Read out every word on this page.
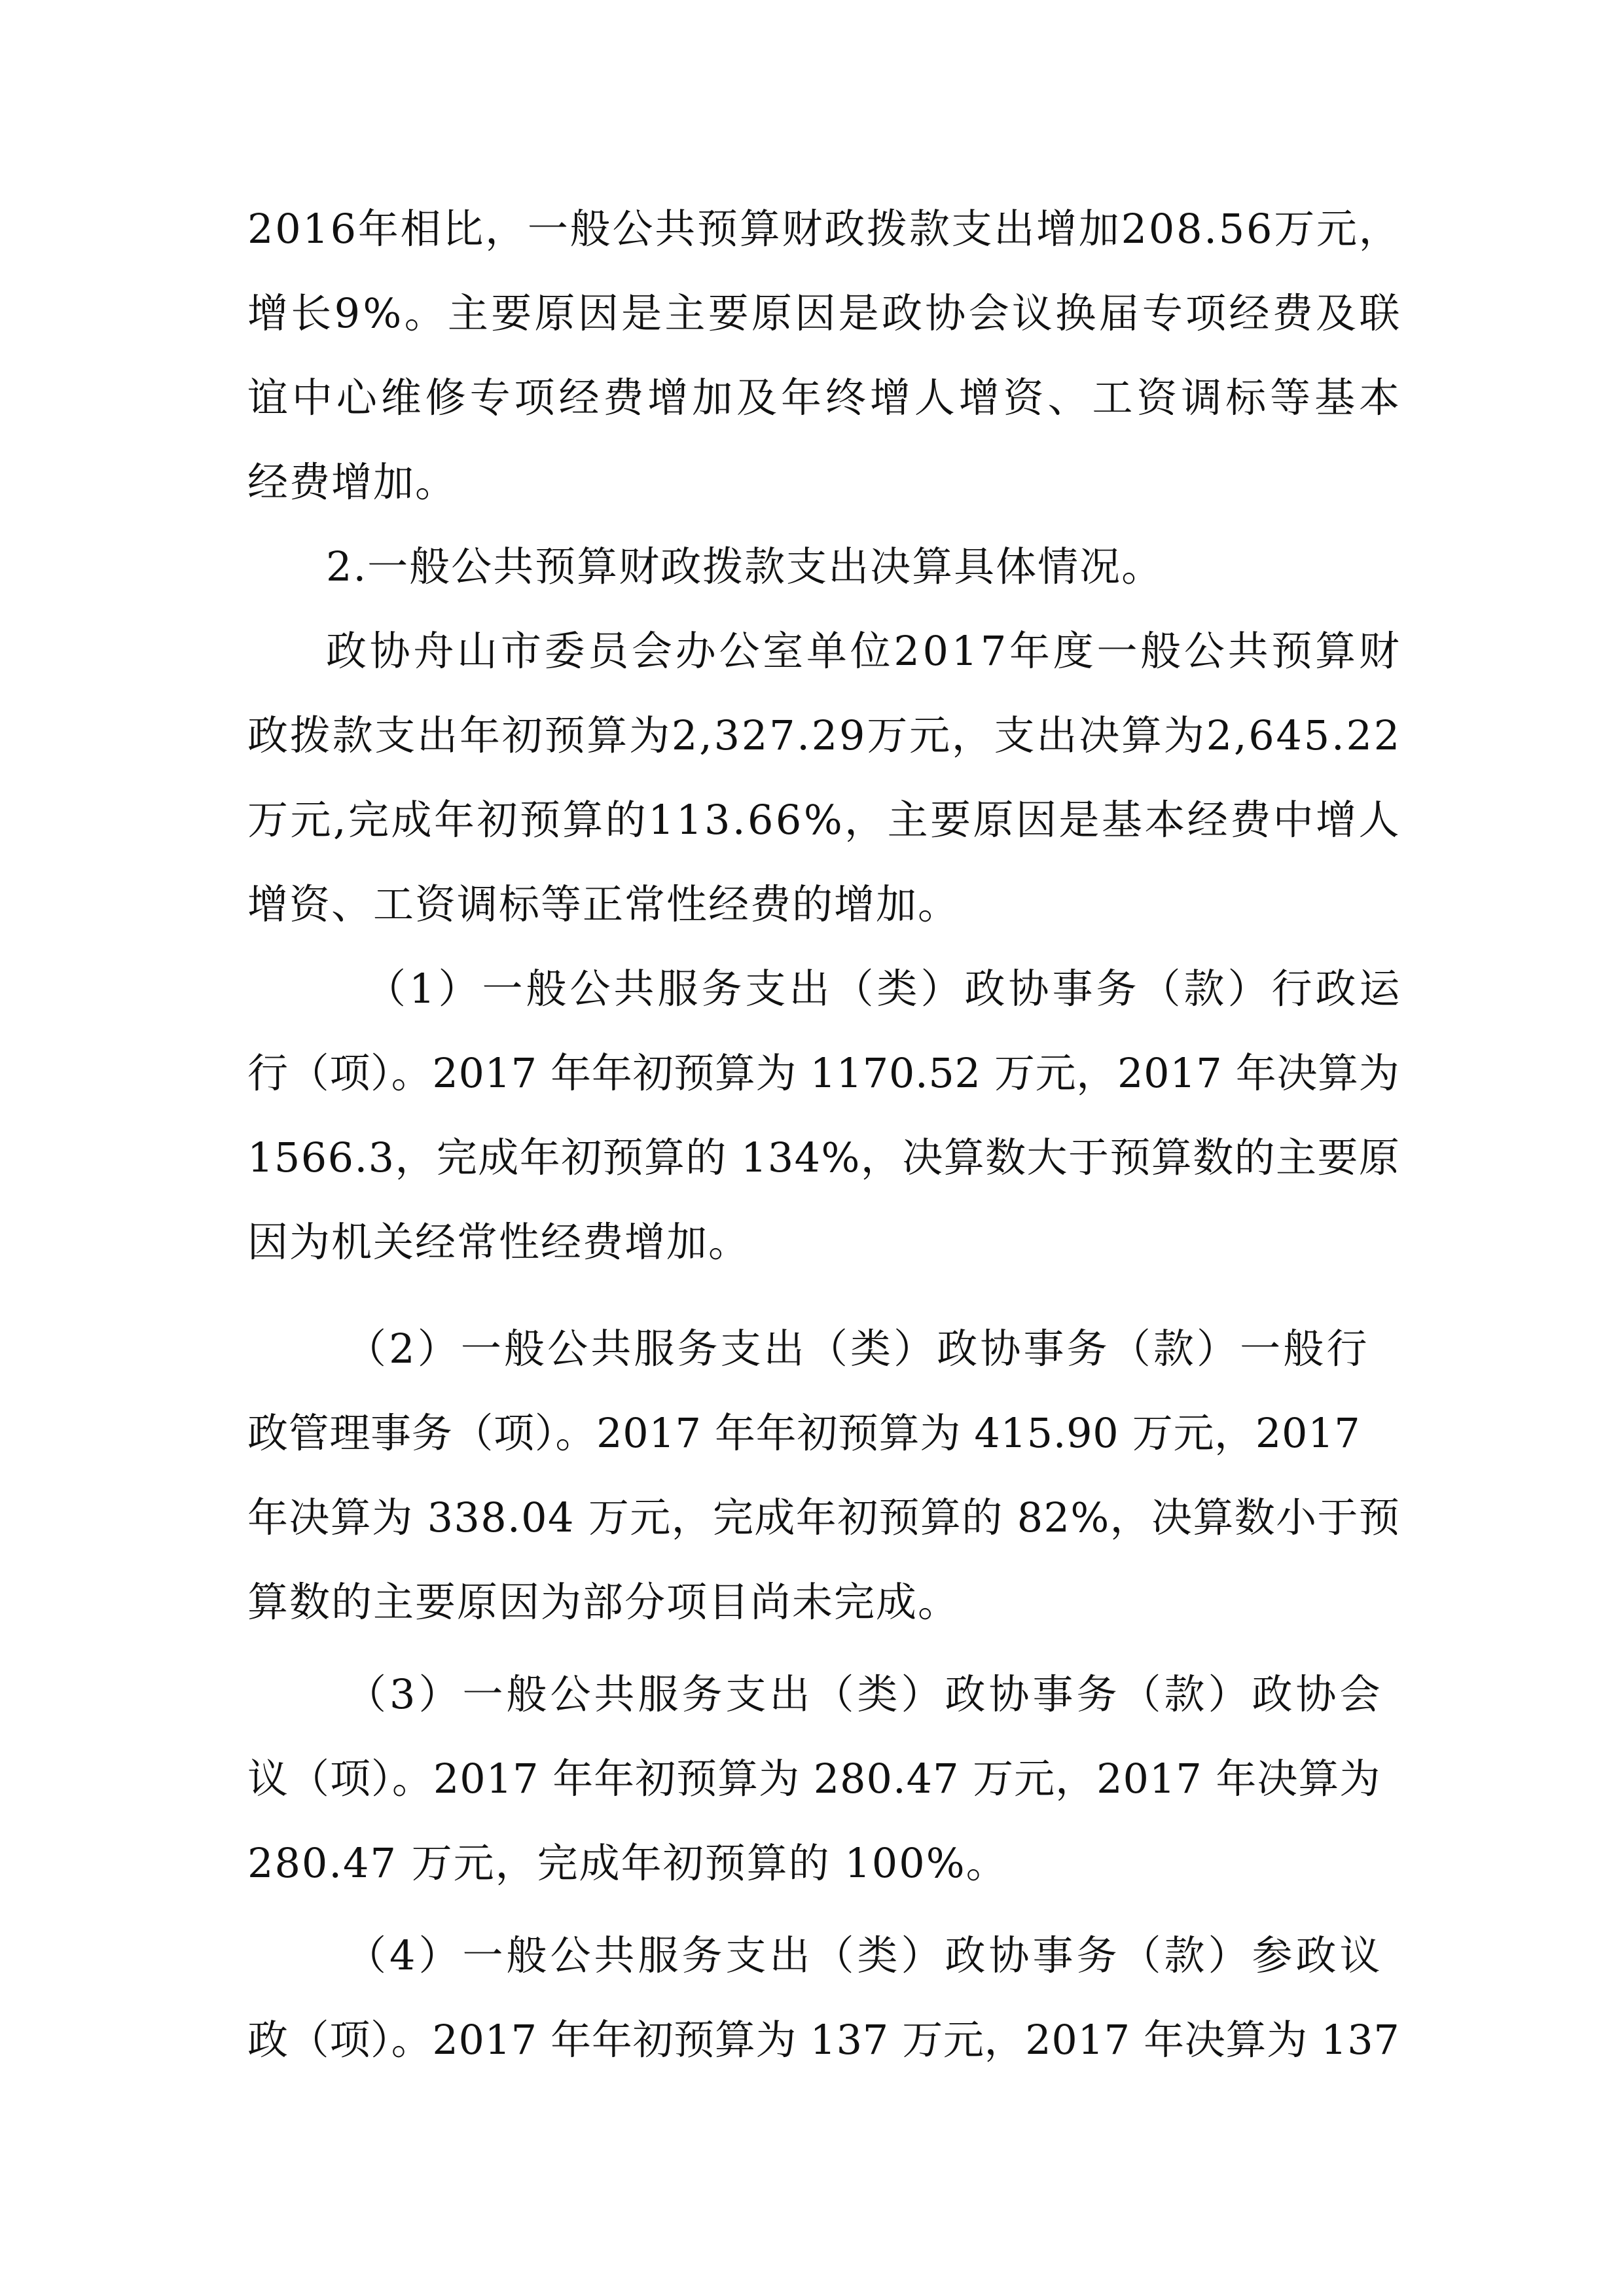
2016年相比，一般公共预算财政拨款支出增加208.56万元，
增长9%。主要原因是主要原因是政协会议换届专项经费及联
谊中心维修专项经费增加及年终增人增资、工资调标等基本
经费增加。
2.一般公共预算财政拨款支出决算具体情况。
政协舟山市委员会办公室单位2017年度一般公共预算财
政拨款支出年初预算为2,327.29万元，支出决算为2,645.22
万元,完成年初预算的113.66%，主要原因是基本经费中增人
增资、工资调标等正常性经费的增加。
（1）一般公共服务支出（类）政协事务（款）行政运
行（项）。2017 年年初预算为 1170.52 万元，2017 年决算为
1566.3，完成年初预算的 134%，决算数大于预算数的主要原
因为机关经常性经费增加。
（2）一般公共服务支出（类）政协事务（款）一般行
政管理事务（项）。2017 年年初预算为 415.90 万元，2017
年决算为 338.04 万元，完成年初预算的 82%，决算数小于预
算数的主要原因为部分项目尚未完成。
（3）一般公共服务支出（类）政协事务（款）政协会
议（项）。2017 年年初预算为 280.47 万元，2017 年决算为
280.47 万元，完成年初预算的 100%。
（4）一般公共服务支出（类）政协事务（款）参政议
政（项）。2017 年年初预算为 137 万元，2017 年决算为 137
